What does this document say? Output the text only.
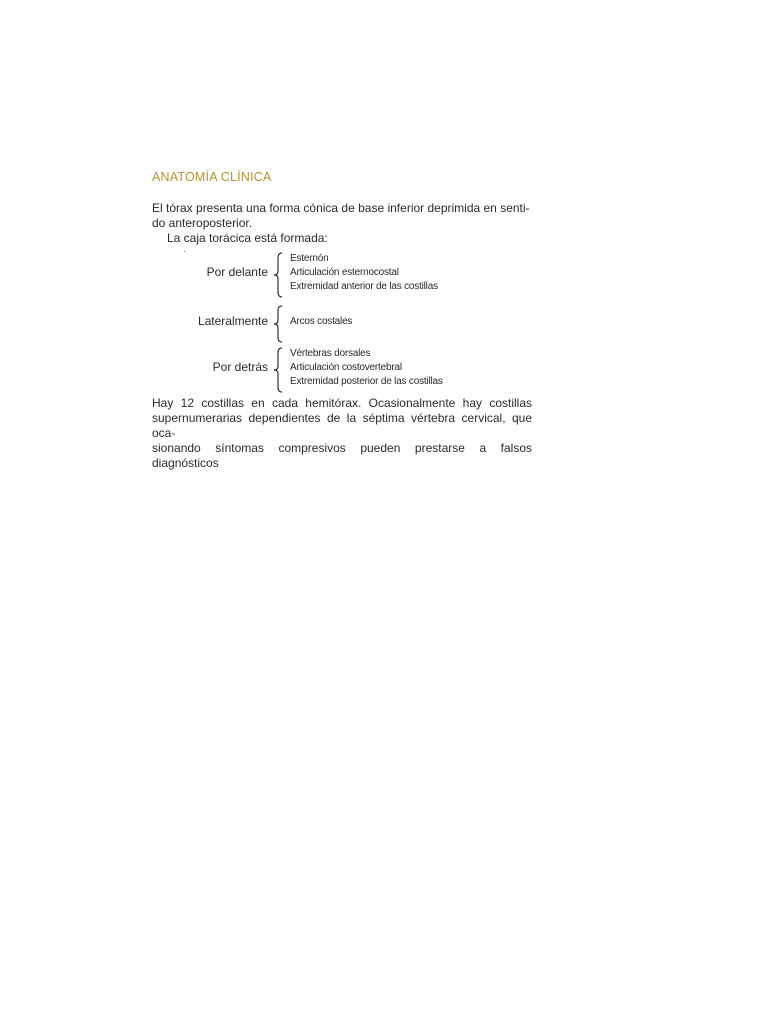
ANATOMÍA CLÍNICA
El tórax presenta una forma cónica de base inferior deprimida en senti-
do anteroposterior.
La caja torácica está formada:
·
Por delante
Esternón
Articulación esternocostal
Extremidad anterior de las costillas
Lateralmente Arcos costales
Por detrás
Vértebras dorsales
Articulación costovertebral
Extremidad posterior de las costillas
Hay 12 costillas en cada hemitórax. Ocasionalmente hay costillas
supernumerarias dependientes de la séptima vértebra cervical, que oca-
sionando síntomas compresivos pueden prestarse a falsos diagnósticos
